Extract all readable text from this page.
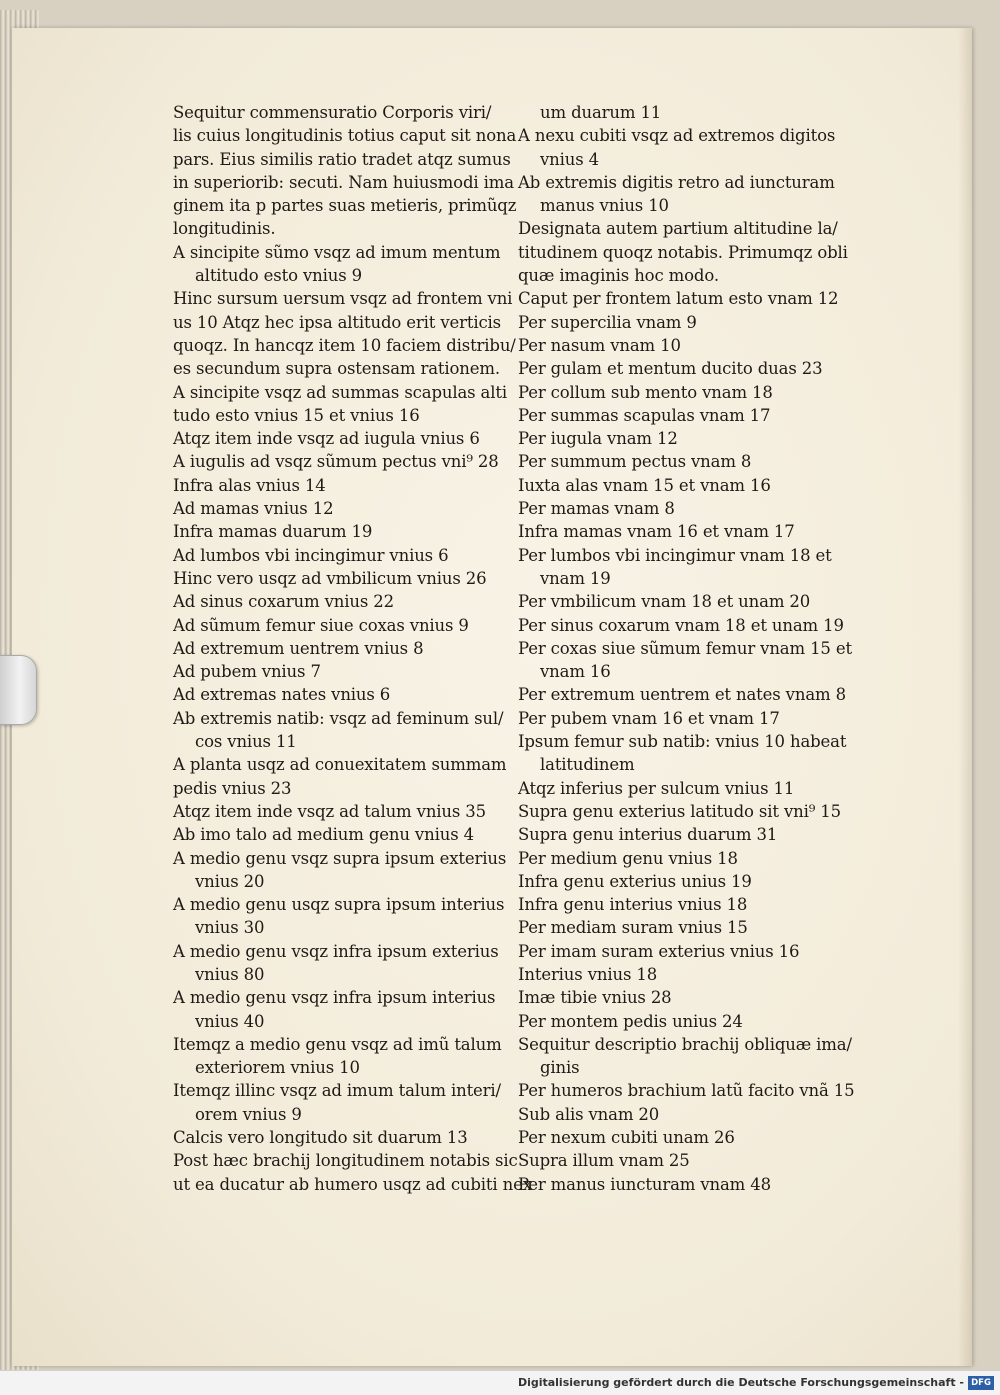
Sequitur commensuratio Corporis viri/
lis cuius longitudinis totius caput sit nona
pars. Eius similis ratio tradet atqz sumus
in superiorib: secuti. Nam huiusmodi ima
ginem ita p partes suas metieris, primũqz
longitudinis.
A sincipite sũmo vsqz ad imum mentum
altitudo esto vnius 9
Hinc sursum uersum vsqz ad frontem vni
us 10 Atqz hec ipsa altitudo erit verticis
quoqz. In hancqz item 10 faciem distribu/
es secundum supra ostensam rationem.
A sincipite vsqz ad summas scapulas alti
tudo esto vnius 15 et vnius 16
Atqz item inde vsqz ad iugula vnius 6
A iugulis ad vsqz sũmum pectus vni⁹ 28
Infra alas vnius 14
Ad mamas vnius 12
Infra mamas duarum 19
Ad lumbos vbi incingimur vnius 6
Hinc vero usqz ad vmbilicum vnius 26
Ad sinus coxarum vnius 22
Ad sũmum femur siue coxas vnius 9
Ad extremum uentrem vnius 8
Ad pubem vnius 7
Ad extremas nates vnius 6
Ab extremis natib: vsqz ad feminum sul/
cos vnius 11
A planta usqz ad conuexitatem summam
pedis vnius 23
Atqz item inde vsqz ad talum vnius 35
Ab imo talo ad medium genu vnius 4
A medio genu vsqz supra ipsum exterius
vnius 20
A medio genu usqz supra ipsum interius
vnius 30
A medio genu vsqz infra ipsum exterius
vnius 80
A medio genu vsqz infra ipsum interius
vnius 40
Itemqz a medio genu vsqz ad imũ talum
exteriorem vnius 10
Itemqz illinc vsqz ad imum talum interi/
orem vnius 9
Calcis vero longitudo sit duarum 13
Post hæc brachij longitudinem notabis sic
ut ea ducatur ab humero usqz ad cubiti nex
um duarum 11
A nexu cubiti vsqz ad extremos digitos
vnius 4
Ab extremis digitis retro ad iuncturam
manus vnius 10
Designata autem partium altitudine la/
titudinem quoqz notabis. Primumqz obli
quæ imaginis hoc modo.
Caput per frontem latum esto vnam 12
Per supercilia vnam 9
Per nasum vnam 10
Per gulam et mentum ducito duas 23
Per collum sub mento vnam 18
Per summas scapulas vnam 17
Per iugula vnam 12
Per summum pectus vnam 8
Iuxta alas vnam 15 et vnam 16
Per mamas vnam 8
Infra mamas vnam 16 et vnam 17
Per lumbos vbi incingimur vnam 18 et
vnam 19
Per vmbilicum vnam 18 et unam 20
Per sinus coxarum vnam 18 et unam 19
Per coxas siue sũmum femur vnam 15 et
vnam 16
Per extremum uentrem et nates vnam 8
Per pubem vnam 16 et vnam 17
Ipsum femur sub natib: vnius 10 habeat
latitudinem
Atqz inferius per sulcum vnius 11
Supra genu exterius latitudo sit vni⁹ 15
Supra genu interius duarum 31
Per medium genu vnius 18
Infra genu exterius unius 19
Infra genu interius vnius 18
Per mediam suram vnius 15
Per imam suram exterius vnius 16
Interius vnius 18
Imæ tibie vnius 28
Per montem pedis unius 24
Sequitur descriptio brachij obliquæ ima/
ginis
Per humeros brachium latũ facito vnã 15
Sub alis vnam 20
Per nexum cubiti unam 26
Supra illum vnam 25
Per manus iuncturam vnam 48
Digitalisierung gefördert durch die Deutsche Forschungsgemeinschaft - DFG
